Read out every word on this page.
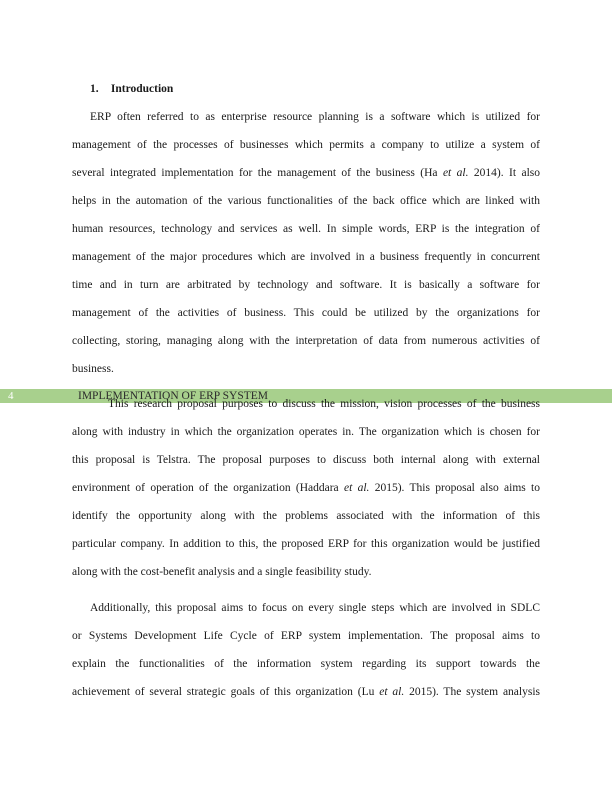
1. Introduction
ERP often referred to as enterprise resource planning is a software which is utilized for
management of the processes of businesses which permits a company to utilize a system of
several integrated implementation for the management of the business (Ha et al. 2014). It also
helps in the automation of the various functionalities of the back office which are linked with
human resources, technology and services as well. In simple words, ERP is the integration of
management of the major procedures which are involved in a business frequently in concurrent
time and in turn are arbitrated by technology and software. It is basically a software for
management of the activities of business. This could be utilized by the organizations for
collecting, storing, managing along with the interpretation of data from numerous activities of
business.
4	IMPLEMENTATION OF ERP SYSTEM
This research proposal purposes to discuss the mission, vision processes of the business
along with industry in which the organization operates in. The organization which is chosen for
this proposal is Telstra. The proposal purposes to discuss both internal along with external
environment of operation of the organization (Haddara et al. 2015). This proposal also aims to
identify the opportunity along with the problems associated with the information of this
particular company. In addition to this, the proposed ERP for this organization would be justified
along with the cost-benefit analysis and a single feasibility study.
Additionally, this proposal aims to focus on every single steps which are involved in SDLC
or Systems Development Life Cycle of ERP system implementation. The proposal aims to
explain the functionalities of the information system regarding its support towards the
achievement of several strategic goals of this organization (Lu et al. 2015). The system analysis
